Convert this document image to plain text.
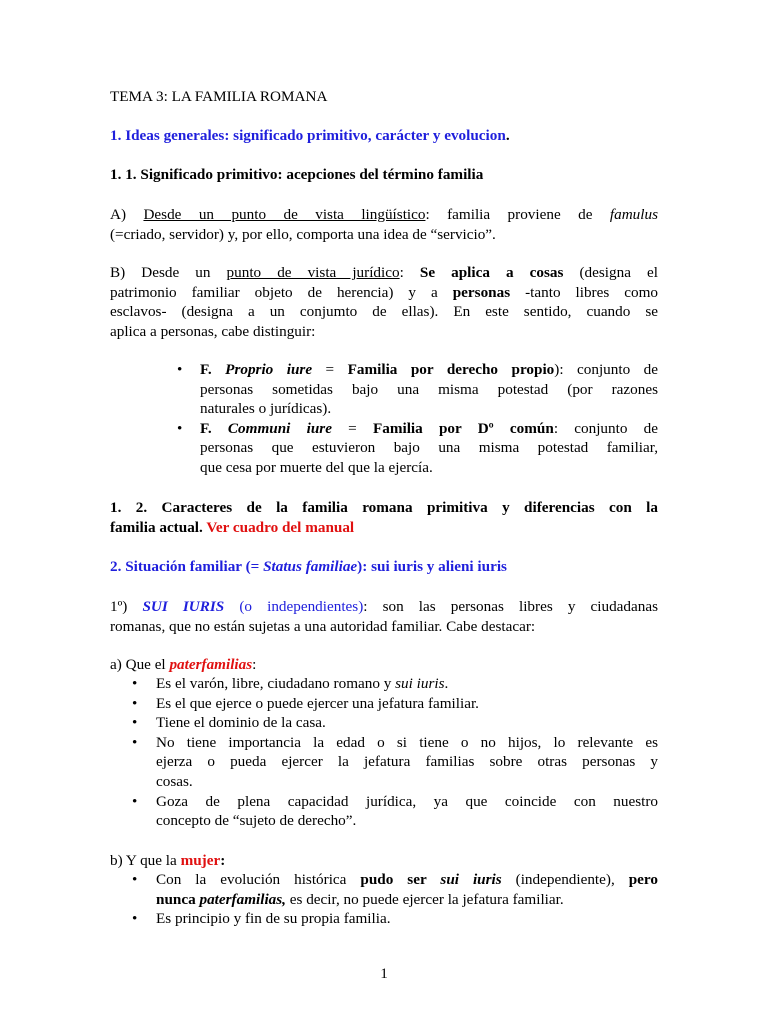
TEMA 3: LA FAMILIA ROMANA

1. Ideas generales: significado primitivo, carácter y evolucion.

1. 1. Significado primitivo: acepciones del término familia

A) Desde un punto de vista lingüístico: familia proviene de famulus

(=criado, servidor) y, por ello, comporta una idea de “servicio”.

B) Desde un punto de vista jurídico: Se aplica a cosas (designa el

patrimonio familiar objeto de herencia) y a personas -tanto libres como

esclavos- (designa a un conjumto de ellas). En este sentido, cuando se

aplica a personas, cabe distinguir:

• F. Proprio iure = Familia por derecho propio): conjunto de

personas sometidas bajo una misma potestad (por razones

naturales o jurídicas).

• F. Communi iure = Familia por Dº común: conjunto de

personas que estuvieron bajo una misma potestad familiar,

que cesa por muerte del que la ejercía.

1. 2. Caracteres de la familia romana primitiva y diferencias con la

familia actual. Ver cuadro del manual

2. Situación familiar (= Status familiae): sui iuris y alieni iuris

1º) SUI IURIS (o independientes): son las personas libres y ciudadanas

romanas, que no están sujetas a una autoridad familiar. Cabe destacar:

a) Que el paterfamilias:

• Es el varón, libre, ciudadano romano y sui iuris.

• Es el que ejerce o puede ejercer una jefatura familiar.

• Tiene el dominio de la casa.

• No tiene importancia la edad o si tiene o no hijos, lo relevante es

ejerza o pueda ejercer la jefatura familias sobre otras personas y

cosas.

• Goza de plena capacidad jurídica, ya que coincide con nuestro

concepto de “sujeto de derecho”.

b) Y que la mujer:

• Con la evolución histórica pudo ser sui iuris (independiente), pero

nunca paterfamilias, es decir, no puede ejercer la jefatura familiar.

• Es principio y fin de su propia familia.

1
